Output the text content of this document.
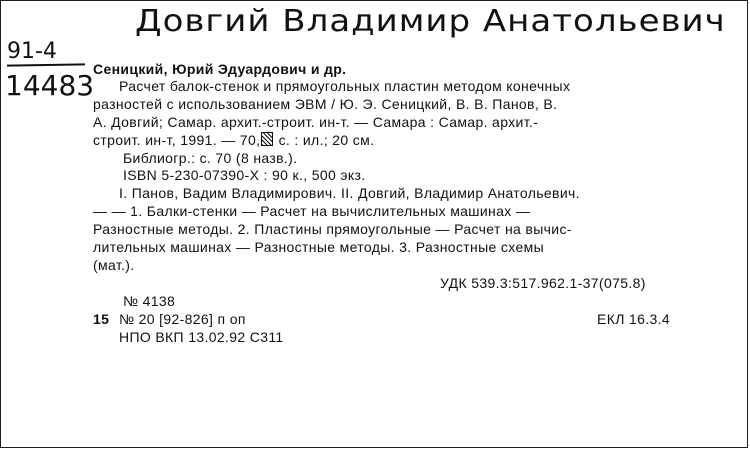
Довгий Владимир Анатольевич
91-4
14483
Сеницкий, Юрий Эдуардович и др.
Расчет балок-стенок и прямоугольных пластин методом конечных
разностей с использованием ЭВМ / Ю. Э. Сеницкий, В. В. Панов, В.
А. Довгий; Самар. архит.-строит. ин-т. — Самара : Самар. архит.-
строит. ин-т, 1991. — 70, с. : ил.; 20 см.
Библиогр.: с. 70 (8 назв.).
ISBN 5-230-07390-X : 90 к., 500 экз.
I. Панов, Вадим Владимирович. II. Довгий, Владимир Анатольевич.
— — 1. Балки-стенки — Расчет на вычислительных машинах —
Разностные методы. 2. Пластины прямоугольные — Расчет на вычис-
лительных машинах — Разностные методы. 3. Разностные схемы
(мат.).
УДК 539.3:517.962.1-37(075.8)
№ 4138
15 № 20 [92-826] п оп	ЕКЛ 16.3.4
НПО ВКП 13.02.92 С311
